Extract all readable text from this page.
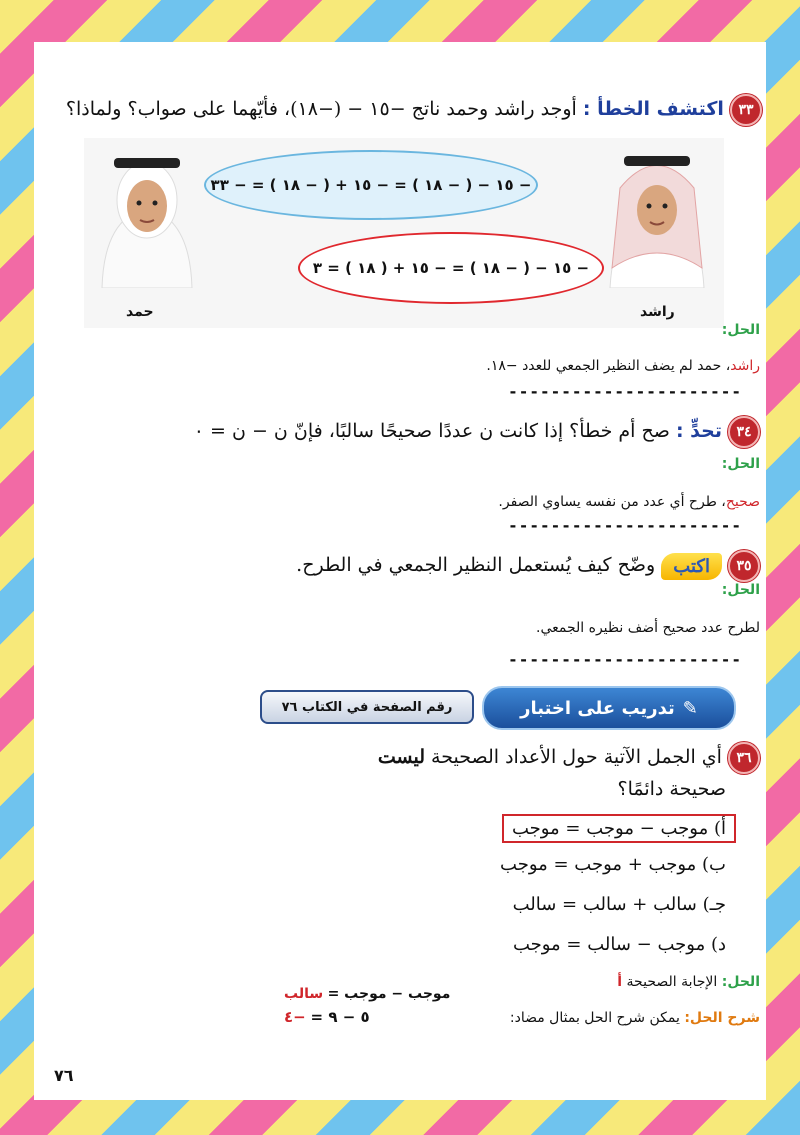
٣٣ اكتشف الخطأ : أوجد راشد وحمد ناتج −١٥ − (−١٨)، فأيّهما على صواب؟ ولماذا؟
حمد	راشد
− ١٥ − ( − ١٨ ) = − ١٥ + ( − ١٨ ) = − ٣٣
− ١٥ − ( − ١٨ ) = − ١٥ + ( ١٨ ) = ٣
الحل:
راشد، حمد لم يضف النظير الجمعي للعدد −١٨.
----------------------
٣٤ تحدٍّ : صح أم خطأ؟ إذا كانت ن عددًا صحيحًا سالبًا، فإنّ ن − ن = ٠
الحل:
صحيح، طرح أي عدد من نفسه يساوي الصفر.
----------------------
٣٥ اكتب وضّح كيف يُستعمل النظير الجمعي في الطرح.
الحل:
لطرح عدد صحيح أضف نظيره الجمعي.
----------------------
✎
تدريب على اختبار
رقم الصفحة في الكتاب ٧٦
٣٦ أي الجمل الآتية حول الأعداد الصحيحة ليست
صحيحة دائمًا؟
أ) موجب − موجب = موجب
ب) موجب + موجب = موجب
جـ) سالب + سالب = سالب
د) موجب − سالب = موجب
الحل: الإجابة الصحيحة أ
موجب − موجب = سالب
شرح الحل: يمكن شرح الحل بمثال مضاد:
٥ − ٩ = −٤
٧٦
